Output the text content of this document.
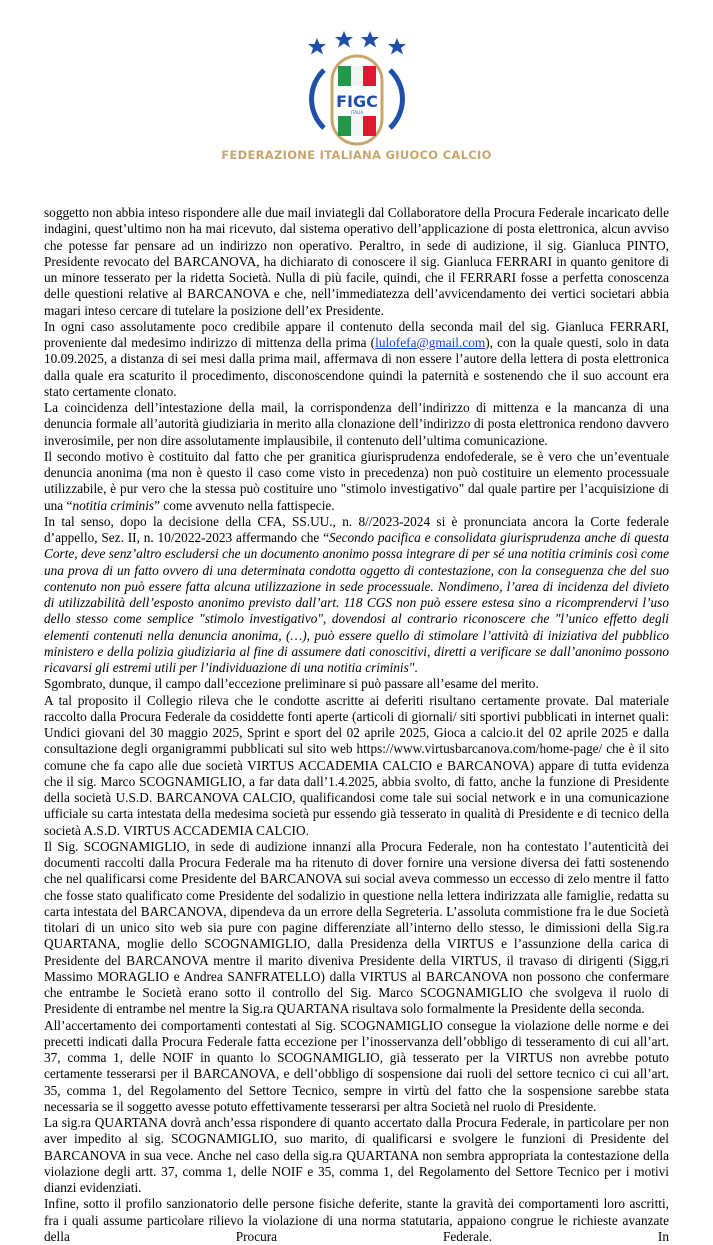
FIGC
ITALIA
FEDERAZIONE ITALIANA GIUOCO CALCIO

soggetto non abbia inteso rispondere alle due mail inviategli dal Collaboratore della Procura Federale incaricato delle indagini, quest’ultimo non ha mai ricevuto, dal sistema operativo dell’applicazione di posta elettronica, alcun avviso che potesse far pensare ad un indirizzo non operativo. Peraltro, in sede di audizione, il sig. Gianluca PINTO, Presidente revocato del BARCANOVA, ha dichiarato di conoscere il sig. Gianluca FERRARI in quanto genitore di un minore tesserato per la ridetta Società. Nulla di più facile, quindi, che il FERRARI fosse a perfetta conoscenza delle questioni relative al BARCANOVA e che, nell’immediatezza dell’avvicendamento dei vertici societari abbia magari inteso cercare di tutelare la posizione dell’ex Presidente.

In ogni caso assolutamente poco credibile appare il contenuto della seconda mail del sig. Gianluca FERRARI, proveniente dal medesimo indirizzo di mittenza della prima (lulofefa@gmail.com), con la quale questi, solo in data 10.09.2025, a distanza di sei mesi dalla prima mail, affermava di non essere l’autore della lettera di posta elettronica dalla quale era scaturito il procedimento, disconoscendone quindi la paternità e sostenendo che il suo account era stato certamente clonato.

La coincidenza dell’intestazione della mail, la corrispondenza dell’indirizzo di mittenza e la mancanza di una denuncia formale all’autorità giudiziaria in merito alla clonazione dell’indirizzo di posta elettronica rendono davvero inverosimile, per non dire assolutamente implausibile, il contenuto dell’ultima comunicazione.

Il secondo motivo è costituito dal fatto che per granitica giurisprudenza endofederale, se è vero che un’eventuale denuncia anonima (ma non è questo il caso come visto in precedenza) non può costituire un elemento processuale utilizzabile, è pur vero che la stessa può costituire uno "stimolo investigativo" dal quale partire per l’acquisizione di una “notitia criminis” come avvenuto nella fattispecie.

In tal senso, dopo la decisione della CFA, SS.UU., n. 8//2023-2024 si è pronunciata ancora la Corte federale d’appello, Sez. II, n. 10/2022-2023 affermando che “Secondo pacifica e consolidata giurisprudenza anche di questa Corte, deve senz’altro escludersi che un documento anonimo possa integrare di per sé una notitia criminis così come una prova di un fatto ovvero di una determinata condotta oggetto di contestazione, con la conseguenza che del suo contenuto non può essere fatta alcuna utilizzazione in sede processuale. Nondimeno, l’area di incidenza del divieto di utilizzabilità dell’esposto anonimo previsto dall’art. 118 CGS non può essere estesa sino a ricomprendervi l’uso dello stesso come semplice "stimolo investigativo", dovendosi al contrario riconoscere che "l’unico effetto degli elementi contenuti nella denuncia anonima, (…), può essere quello di stimolare l’attività di iniziativa del pubblico ministero e della polizia giudiziaria al fine di assumere dati conoscitivi, diretti a verificare se dall’anonimo possono ricavarsi gli estremi utili per l’individuazione di una notitia criminis".

Sgombrato, dunque, il campo dall’eccezione preliminare si può passare all’esame del merito.

A tal proposito il Collegio rileva che le condotte ascritte ai deferiti risultano certamente provate. Dal materiale raccolto dalla Procura Federale da cosiddette fonti aperte (articoli di giornali/ siti sportivi pubblicati in internet quali: Undici giovani del 30 maggio 2025, Sprint e sport del 02 aprile 2025, Gioca a calcio.it del 02 aprile 2025 e dalla consultazione degli organigrammi pubblicati sul sito web https://www.virtusbarcanova.com/home-page/ che è il sito comune che fa capo alle due società VIRTUS ACCADEMIA CALCIO e BARCANOVA) appare di tutta evidenza che il sig. Marco SCOGNAMIGLIO, a far data dall’1.4.2025, abbia svolto, di fatto, anche la funzione di Presidente della società U.S.D. BARCANOVA CALCIO, qualificandosi come tale sui social network e in una comunicazione ufficiale su carta intestata della medesima società pur essendo già tesserato in qualità di Presidente e di tecnico della società A.S.D. VIRTUS ACCADEMIA CALCIO.

Il Sig. SCOGNAMIGLIO, in sede di audizione innanzi alla Procura Federale, non ha contestato l’autenticità dei documenti raccolti dalla Procura Federale ma ha ritenuto di dover fornire una versione diversa dei fatti sostenendo che nel qualificarsi come Presidente del BARCANOVA sui social aveva commesso un eccesso di zelo mentre il fatto che fosse stato qualificato come Presidente del sodalizio in questione nella lettera indirizzata alle famiglie, redatta su carta intestata del BARCANOVA, dipendeva da un errore della Segreteria. L’assoluta commistione fra le due Società titolari di un unico sito web sia pure con pagine differenziate all’interno dello stesso, le dimissioni della Sig.ra QUARTANA, moglie dello SCOGNAMIGLIO, dalla Presidenza della VIRTUS e l’assunzione della carica di Presidente del BARCANOVA mentre il marito diveniva Presidente della VIRTUS, il travaso di dirigenti (Sigg,ri Massimo MORAGLIO e Andrea SANFRATELLO) dalla VIRTUS al BARCANOVA non possono che confermare che entrambe le Società erano sotto il controllo del Sig. Marco SCOGNAMIGLIO che svolgeva il ruolo di Presidente di entrambe nel mentre la Sig.ra QUARTANA risultava solo formalmente la Presidente della seconda.

All’accertamento dei comportamenti contestati al Sig. SCOGNAMIGLIO consegue la violazione delle norme e dei precetti indicati dalla Procura Federale fatta eccezione per l’inosservanza dell’obbligo di tesseramento di cui all’art. 37, comma 1, delle NOIF in quanto lo SCOGNAMIGLIO, già tesserato per la VIRTUS non avrebbe potuto certamente tesserarsi per il BARCANOVA, e dell’obbligo di sospensione dai ruoli del settore tecnico ci cui all’art. 35, comma 1, del Regolamento del Settore Tecnico, sempre in virtù del fatto che la sospensione sarebbe stata necessaria se il soggetto avesse potuto effettivamente tesserarsi per altra Società nel ruolo di Presidente.

La sig.ra QUARTANA dovrà anch’essa rispondere di quanto accertato dalla Procura Federale, in particolare per non aver impedito al sig. SCOGNAMIGLIO, suo marito, di qualificarsi e svolgere le funzioni di Presidente del BARCANOVA in sua vece. Anche nel caso della sig.ra QUARTANA non sembra appropriata la contestazione della violazione degli artt. 37, comma 1, delle NOIF e 35, comma 1, del Regolamento del Settore Tecnico per i motivi dianzi evidenziati.

Infine, sotto il profilo sanzionatorio delle persone fisiche deferite, stante la gravità dei comportamenti loro ascritti, fra i quali assume particolare rilievo la violazione di una norma statutaria, appaiono congrue le richieste avanzate della Procura Federale. In
